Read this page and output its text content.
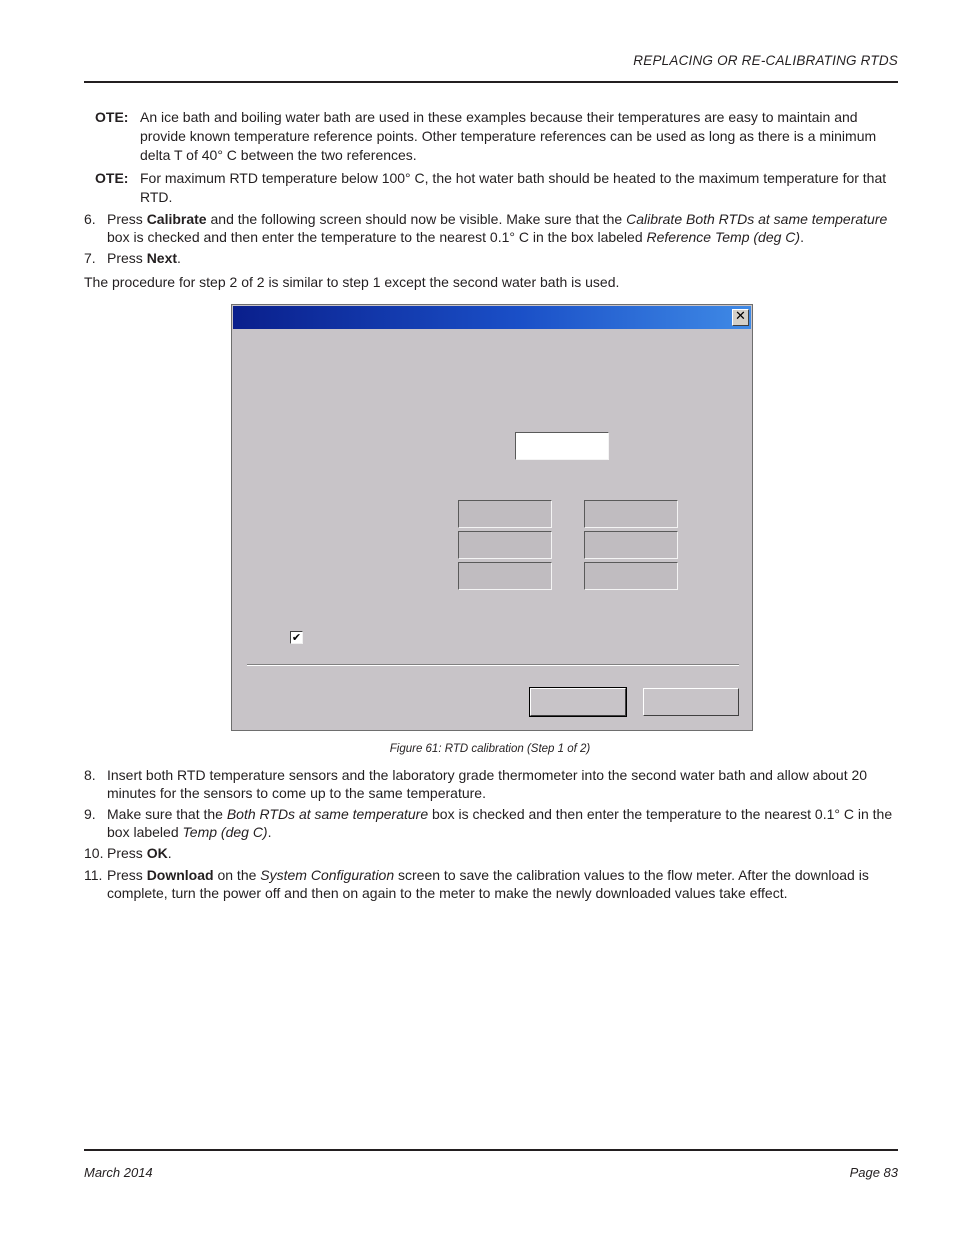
REPLACING OR RE-CALIBRATING RTDS
OTE: An ice bath and boiling water bath are used in these examples because their temperatures are easy to maintain and provide known temperature reference points. Other temperature references can be used as long as there is a minimum delta T of 40° C between the two references.
OTE: For maximum RTD temperature below 100° C, the hot water bath should be heated to the maximum temperature for that RTD.
6. Press Calibrate and the following screen should now be visible. Make sure that the Calibrate Both RTDs at same temperature box is checked and then enter the temperature to the nearest 0.1° C in the box labeled Reference Temp (deg C).
7. Press Next.
The procedure for step 2 of 2 is similar to step 1 except the second water bath is used.
✕
✔
Figure 61: RTD calibration (Step 1 of 2)
8. Insert both RTD temperature sensors and the laboratory grade thermometer into the second water bath and allow about 20 minutes for the sensors to come up to the same temperature.
9. Make sure that the Both RTDs at same temperature box is checked and then enter the temperature to the nearest 0.1° C in the box labeled Temp (deg C).
10. Press OK.
11. Press Download on the System Configuration screen to save the calibration values to the flow meter. After the download is complete, turn the power off and then on again to the meter to make the newly downloaded values take effect.
March 2014	Page 83
